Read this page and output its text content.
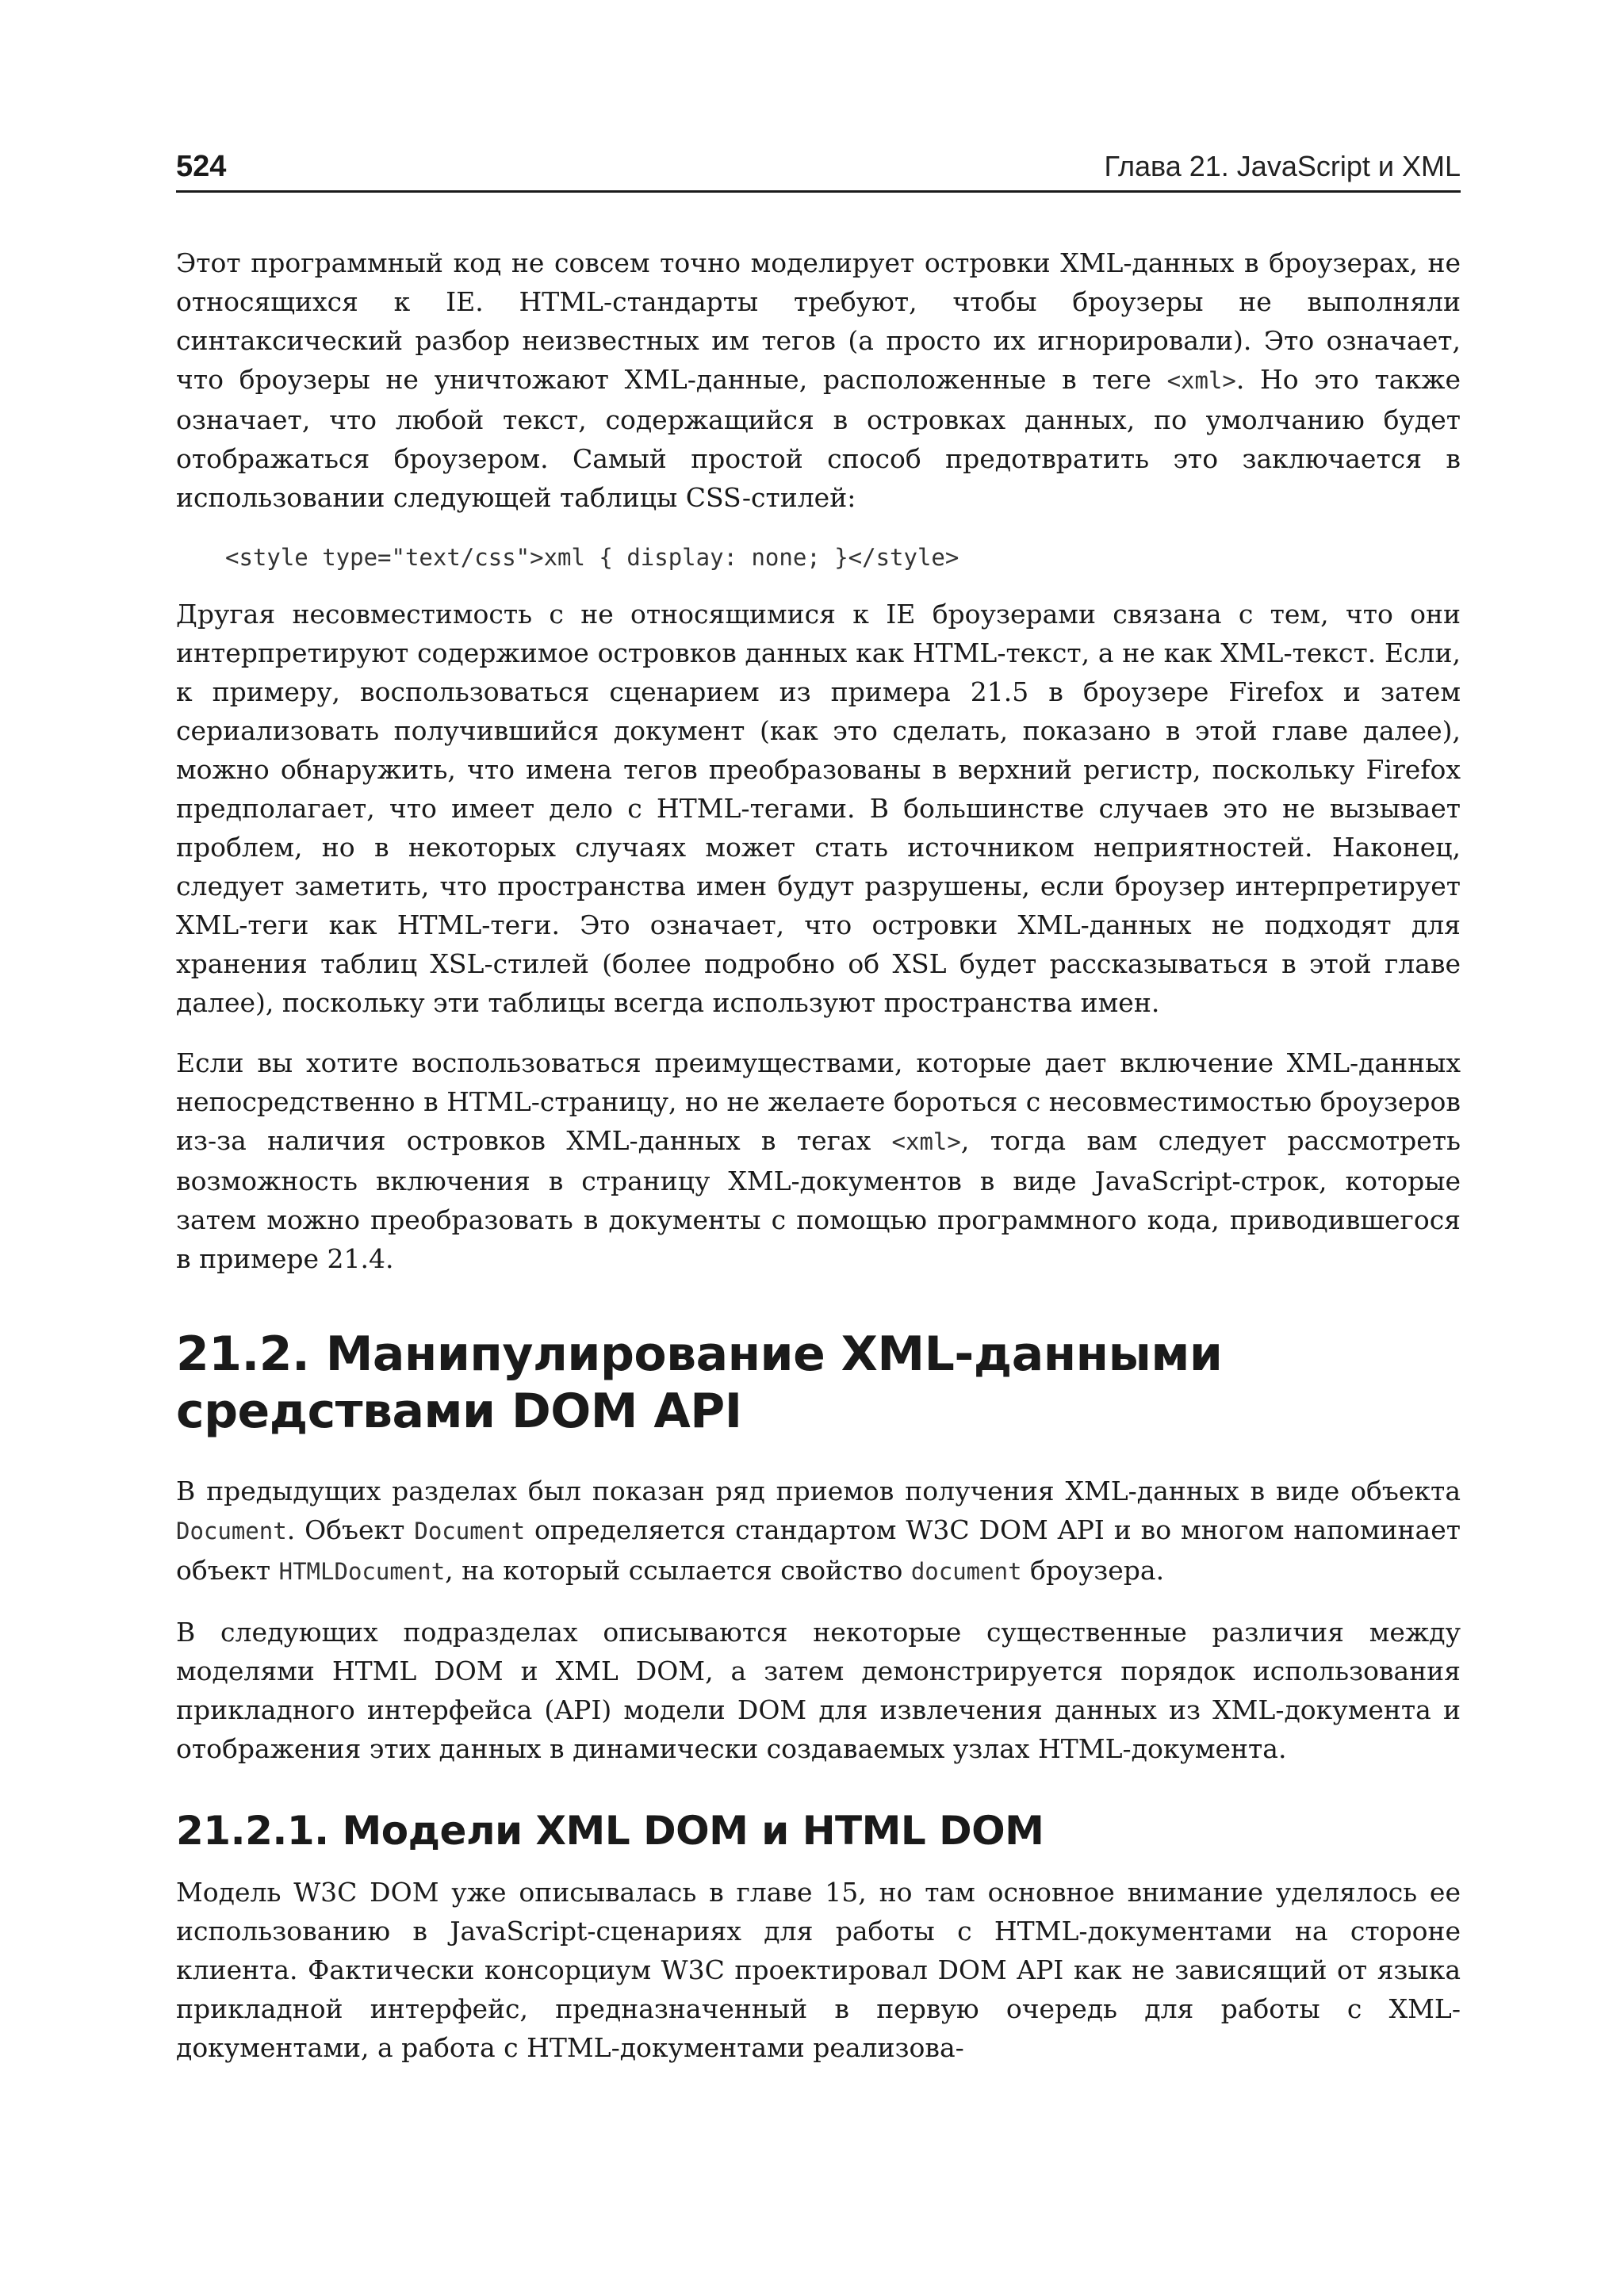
524	Глава 21. JavaScript и XML

Этот программный код не совсем точно моделирует островки XML-данных в броузерах, не относящихся к IE. HTML-стандарты требуют, чтобы броузеры не выполняли синтаксический разбор неизвестных им тегов (а просто их игнорировали). Это означает, что броузеры не уничтожают XML-данные, расположенные в теге <xml>. Но это также означает, что любой текст, содержащийся в островках данных, по умолчанию будет отображаться броузером. Самый простой способ предотвратить это заключается в использовании следующей таблицы CSS-стилей:

<style type="text/css">xml { display: none; }</style>

Другая несовместимость с не относящимися к IE броузерами связана с тем, что они интерпретируют содержимое островков данных как HTML-текст, а не как XML-текст. Если, к примеру, воспользоваться сценарием из примера 21.5 в броузере Firefox и затем сериализовать получившийся документ (как это сделать, показано в этой главе далее), можно обнаружить, что имена тегов преобразованы в верхний регистр, поскольку Firefox предполагает, что имеет дело с HTML-тегами. В большинстве случаев это не вызывает проблем, но в некоторых случаях может стать источником неприятностей. Наконец, следует заметить, что пространства имен будут разрушены, если броузер интерпретирует XML-теги как HTML-теги. Это означает, что островки XML-данных не подходят для хранения таблиц XSL-стилей (более подробно об XSL будет рассказываться в этой главе далее), поскольку эти таблицы всегда используют пространства имен.

Если вы хотите воспользоваться преимуществами, которые дает включение XML-данных непосредственно в HTML-страницу, но не желаете бороться с несовместимостью броузеров из-за наличия островков XML-данных в тегах <xml>, тогда вам следует рассмотреть возможность включения в страницу XML-документов в виде JavaScript-строк, которые затем можно преобразовать в документы с помощью программного кода, приводившегося в примере 21.4.

21.2. Манипулирование XML-данными средствами DOM API

В предыдущих разделах был показан ряд приемов получения XML-данных в виде объекта Document. Объект Document определяется стандартом W3C DOM API и во многом напоминает объект HTMLDocument, на который ссылается свойство document броузера.

В следующих подразделах описываются некоторые существенные различия между моделями HTML DOM и XML DOM, а затем демонстрируется порядок использования прикладного интерфейса (API) модели DOM для извлечения данных из XML-документа и отображения этих данных в динамически создаваемых узлах HTML-документа.

21.2.1. Модели XML DOM и HTML DOM

Модель W3C DOM уже описывалась в главе 15, но там основное внимание уделялось ее использованию в JavaScript-сценариях для работы с HTML-документами на стороне клиента. Фактически консорциум W3C проектировал DOM API как не зависящий от языка прикладной интерфейс, предназначенный в первую очередь для работы с XML-документами, а работа с HTML-документами реализова-
